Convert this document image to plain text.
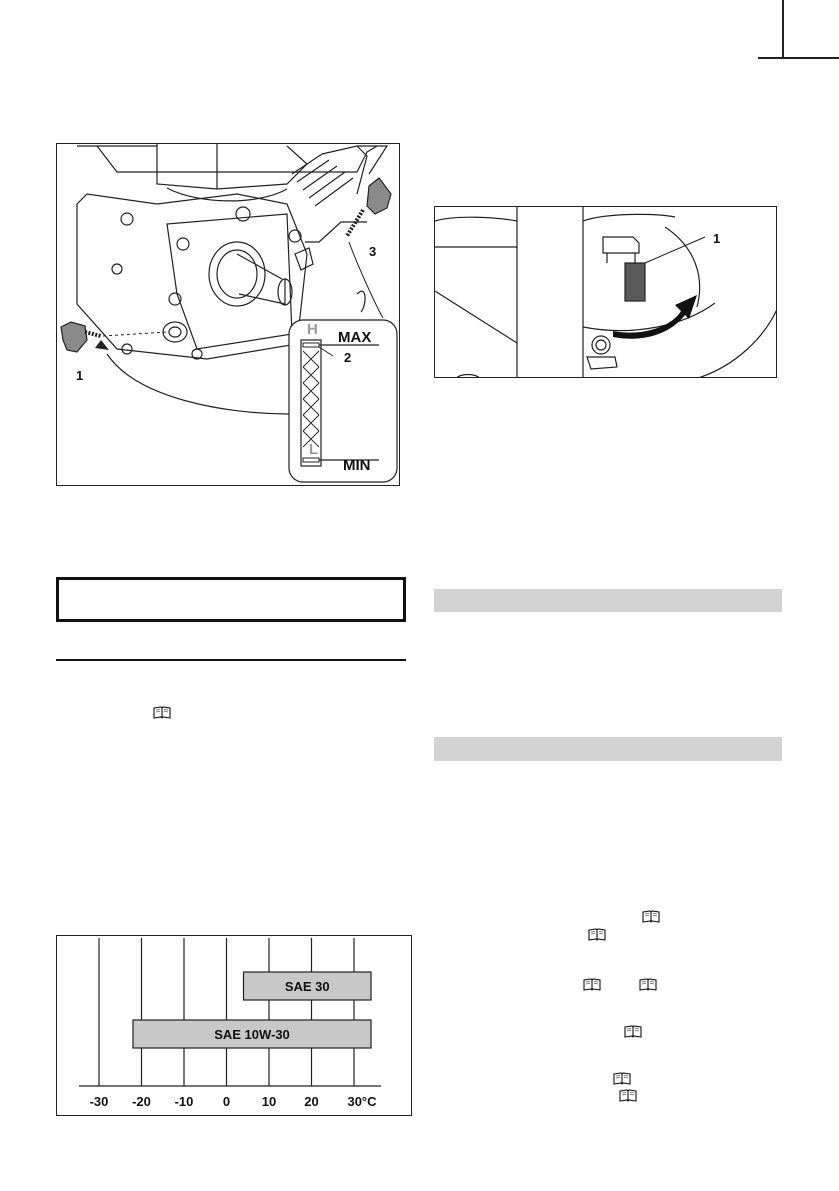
1
2
3
H
L
MAX
MIN
1
-30 -20 -10 0 10 20 30°C
SAE 30
SAE 10W-30
